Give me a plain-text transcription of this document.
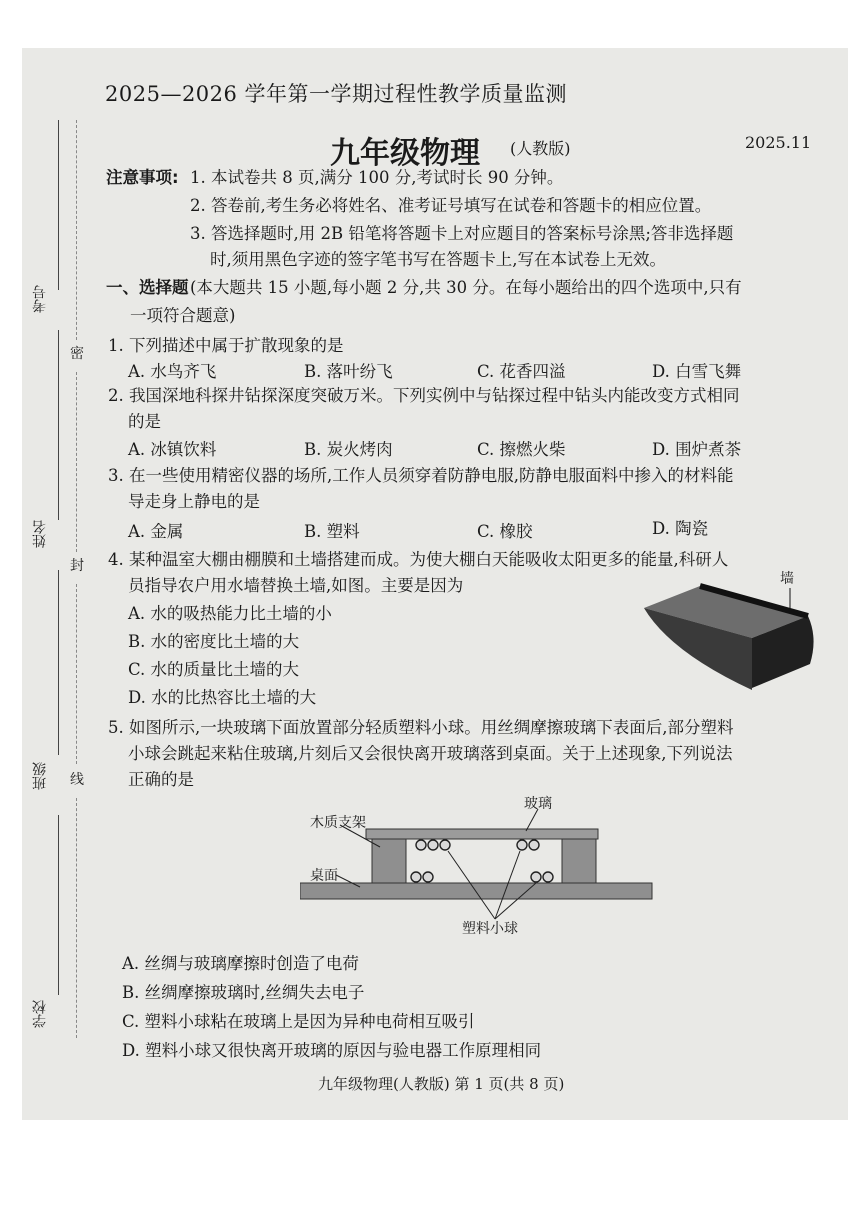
考号
姓名
班级
学校
密
封
线
2025—2026 学年第一学期过程性教学质量监测
九年级物理 (人教版)	2025.11
注意事项: 1. 本试卷共 8 页,满分 100 分,考试时长 90 分钟。
2. 答卷前,考生务必将姓名、准考证号填写在试卷和答题卡的相应位置。
3. 答选择题时,用 2B 铅笔将答题卡上对应题目的答案标号涂黑;答非选择题
时,须用黑色字迹的签字笔书写在答题卡上,写在本试卷上无效。
一、选择题 (本大题共 15 小题,每小题 2 分,共 30 分。在每小题给出的四个选项中,只有
一项符合题意)
1. 下列描述中属于扩散现象的是
A. 水鸟齐飞	B. 落叶纷飞	C. 花香四溢	D. 白雪飞舞
2. 我国深地科探井钻探深度突破万米。下列实例中与钻探过程中钻头内能改变方式相同
的是
A. 冰镇饮料	B. 炭火烤肉	C. 擦燃火柴	D. 围炉煮茶
3. 在一些使用精密仪器的场所,工作人员须穿着防静电服,防静电服面料中掺入的材料能
导走身上静电的是
A. 金属	B. 塑料	C. 橡胶	D. 陶瓷
4. 某种温室大棚由棚膜和土墙搭建而成。为使大棚白天能吸收太阳更多的能量,科研人
员指导农户用水墙替换土墙,如图。主要是因为
A. 水的吸热能力比土墙的小
B. 水的密度比土墙的大
C. 水的质量比土墙的大
D. 水的比热容比土墙的大
墙
5. 如图所示,一块玻璃下面放置部分轻质塑料小球。用丝绸摩擦玻璃下表面后,部分塑料
小球会跳起来粘住玻璃,片刻后又会很快离开玻璃落到桌面。关于上述现象,下列说法
正确的是
玻璃
木质支架
桌面
塑料小球
A. 丝绸与玻璃摩擦时创造了电荷
B. 丝绸摩擦玻璃时,丝绸失去电子
C. 塑料小球粘在玻璃上是因为异种电荷相互吸引
D. 塑料小球又很快离开玻璃的原因与验电器工作原理相同
九年级物理(人教版) 第 1 页(共 8 页)
